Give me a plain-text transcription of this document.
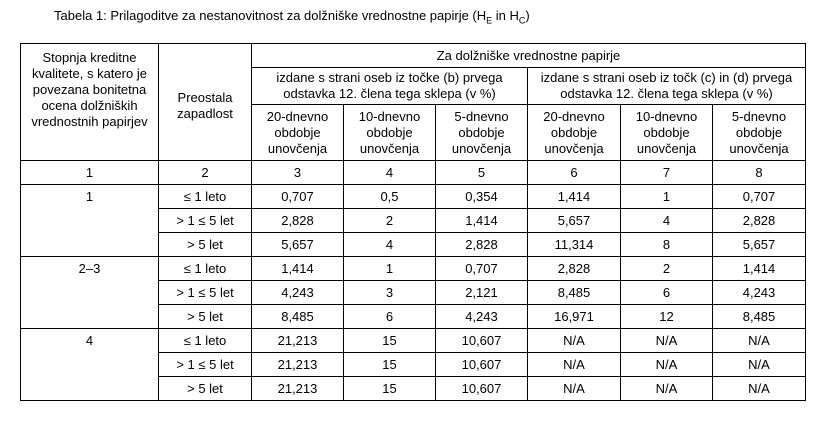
Tabela 1: Prilagoditve za nestanovitnost za dolžniške vrednostne papirje ($H_E$ in $H_C$)
Stopnja kreditne kvalitete, s katero je povezana bonitetna ocena dolžniških vrednostnih papirjev	Preostala zapadlost	Za dolžniške vrednostne papirje					
		izdane s strani oseb iz točke (b) prvega odstavka 12. člena tega sklepa (v %)			izdane s strani oseb iz točk (c) in (d) prvega odstavka 12. člena tega sklepa (v %)		
		20-dnevno obdobje unovčenja	10-dnevno obdobje unovčenja	5-dnevno obdobje unovčenja	20-dnevno obdobje unovčenja	10-dnevno obdobje unovčenja	5-dnevno obdobje unovčenja
1	2	3	4	5	6	7	8
1	≤ 1 leto	0,707	0,5	0,354	1,414	1	0,707
	> 1 ≤ 5 let	2,828	2	1,414	5,657	4	2,828
	> 5 let	5,657	4	2,828	11,314	8	5,657
2–3	≤ 1 leto	1,414	1	0,707	2,828	2	1,414
	> 1 ≤ 5 let	4,243	3	2,121	8,485	6	4,243
	> 5 let	8,485	6	4,243	16,971	12	8,485
4	≤ 1 leto	21,213	15	10,607	N/A	N/A	N/A
	> 1 ≤ 5 let	21,213	15	10,607	N/A	N/A	N/A
	> 5 let	21,213	15	10,607	N/A	N/A	N/A
